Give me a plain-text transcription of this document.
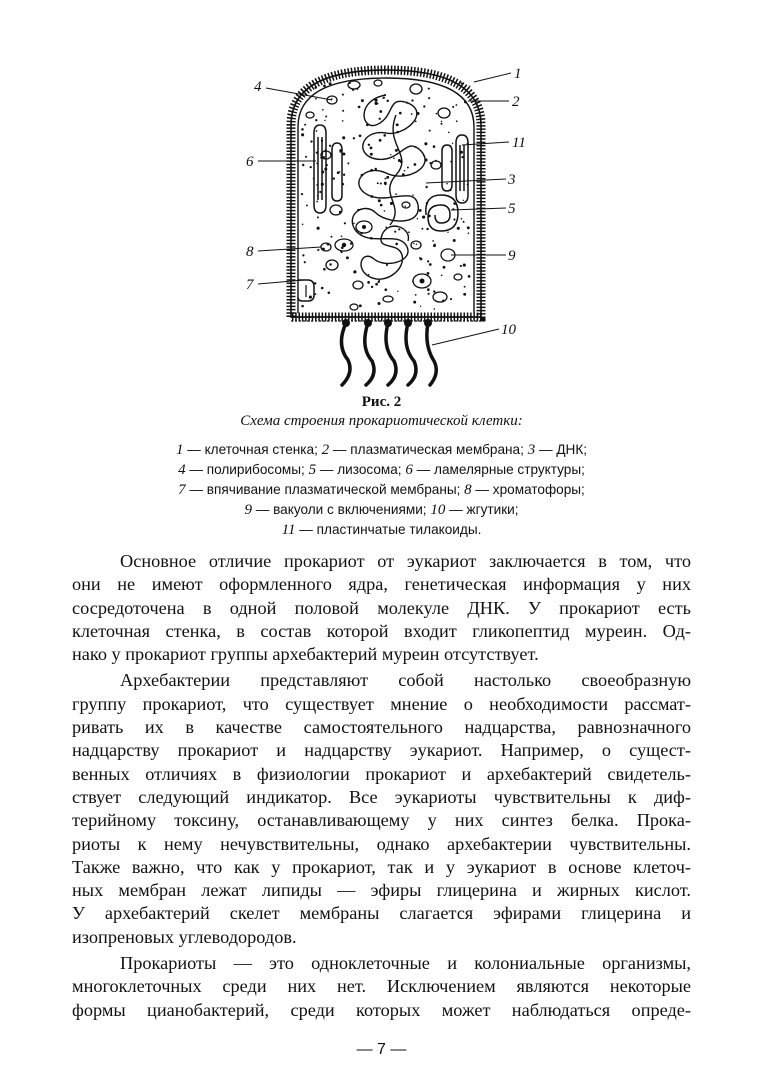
1
2
11
3
5
9
10
4
6
8
7
Рис. 2
Схема строения прокариотической клетки:
1 — клеточная стенка; 2 — плазматическая мембрана; 3 — ДНК;
4 — полирибосомы; 5 — лизосома; 6 — ламелярные структуры;
7 — впячивание плазматической мембраны; 8 — хроматофоры;
9 — вакуоли с включениями; 10 — жгутики;
11 — пластинчатые тилакоиды.

Основное отличие прокариот от эукариот заключается в том, что

они не имеют оформленного ядра, генетическая информация у них

сосредоточена в одной половой молекуле ДНК. У прокариот есть

клеточная стенка, в состав которой входит гликопептид муреин. Од-

нако у прокариот группы архебактерий муреин отсутствует.

Архебактерии представляют собой настолько своеобразную

группу прокариот, что существует мнение о необходимости рассмат-

ривать их в качестве самостоятельного надцарства, равнозначного

надцарству прокариот и надцарству эукариот. Например, о сущест-

венных отличиях в физиологии прокариот и архебактерий свидетель-

ствует следующий индикатор. Все эукариоты чувствительны к диф-

терийному токсину, останавливающему у них синтез белка. Прока-

риоты к нему нечувствительны, однако архебактерии чувствительны.

Также важно, что как у прокариот, так и у эукариот в основе клеточ-

ных мембран лежат липиды — эфиры глицерина и жирных кислот.

У архебактерий скелет мембраны слагается эфирами глицерина и

изопреновых углеводородов.

Прокариоты — это одноклеточные и колониальные организмы,

многоклеточных среди них нет. Исключением являются некоторые

формы цианобактерий, среди которых может наблюдаться опреде-

— 7 —
